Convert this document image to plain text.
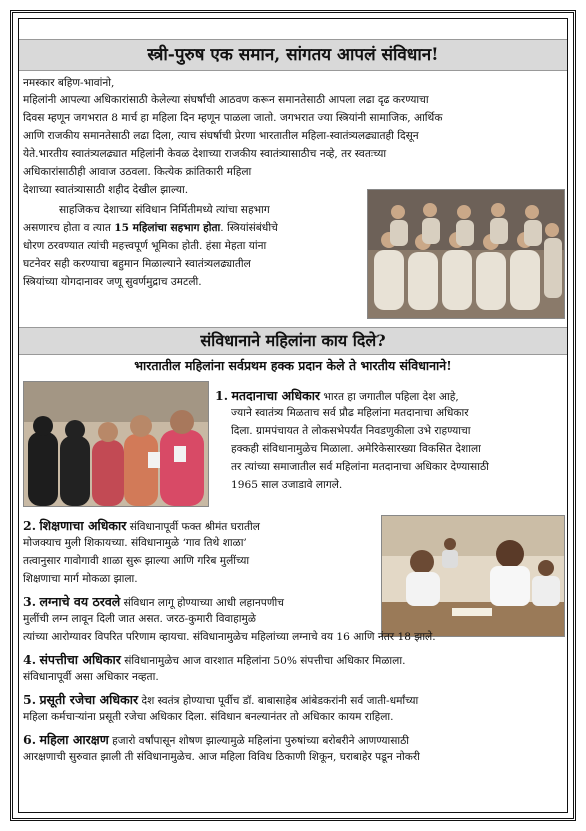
स्त्री-पुरुष एक समान, सांगतय आपलं संविधान!

नमस्कार बहिण-भावांनो,

महिलांनी आपल्या अधिकारांसाठी केलेल्या संघर्षांची आठवण करून समानतेसाठी आपला लढा दृढ करण्याचा

दिवस म्हणून जगभरात 8 मार्च हा महिला दिन म्हणून पाळला जातो. जगभरात ज्या स्त्रियांनी सामाजिक, आर्थिक

आणि राजकीय समानतेसाठी लढा दिला, त्याच संघर्षाची प्रेरणा भारतातील महिला-स्वातंत्र्यलढ्यातही दिसून

येते.भारतीय स्वातंत्र्यलढ्यात महिलांनी केवळ देशाच्या राजकीय स्वातंत्र्यासाठीच नव्हे, तर स्वतःच्या

अधिकारांसाठीही आवाज उठवला. कित्येक क्रांतिकारी महिला

देशाच्या स्वातंत्र्यासाठी शहीद देखील झाल्या.

साहजिकच देशाच्या संविधान निर्मितीमध्ये त्यांचा सहभाग

असणारच होता व त्यात 15 महिलांचा सहभाग होता. स्त्रियांसंबंधीचे

धोरण ठरवण्यात त्यांची महत्त्वपूर्ण भूमिका होती. हंसा मेहता यांना

घटनेवर सही करण्याचा बहुमान मिळाल्याने स्वातंत्र्यलढ्यातील

स्त्रियांच्या योगदानावर जणू सुवर्णमुद्राच उमटली.

संविधानाने महिलांना काय दिले?
भारतातील महिलांना सर्वप्रथम हक्क प्रदान केले ते भारतीय संविधानाने!

1. मतदानाचा अधिकार भारत हा जगातील पहिला देश आहे,

ज्याने स्वातंत्र्य मिळताच सर्व प्रौढ महिलांना मतदानाचा अधिकार

दिला. ग्रामपंचायत ते लोकसभेपर्यंत निवडणुकीला उभे राहण्याचा

हक्कही संविधानामुळेच मिळाला. अमेरिकेसारख्या विकसित देशाला

तर त्यांच्या समाजातील सर्व महिलांना मतदानाचा अधिकार देण्यासाठी

1965 साल उजाडावे लागले.

2. शिक्षणाचा अधिकार संविधानापूर्वी फक्त श्रीमंत घरातील

मोजक्याच मुली शिकायच्या. संविधानामुळे ‘गाव तिथे शाळा’

तत्वानुसार गावोगावी शाळा सुरू झाल्या आणि गरिब मुलींच्या

शिक्षणाचा मार्ग मोकळा झाला.

3. लग्नाचे वय ठरवले संविधान लागू होण्याच्या आधी लहानपणीच

मुलींची लग्न लावून दिली जात असत. जरठ-कुमारी विवाहामुळे

त्यांच्या आरोग्यावर विपरित परिणाम व्हायचा. संविधानामुळेच महिलांच्या लग्नाचे वय 16 आणि नंतर 18 झाले.

4. संपत्तीचा अधिकार संविधानामुळेच आज वारशात महिलांना 50% संपत्तीचा अधिकार मिळाला.

संविधानापूर्वी असा अधिकार नव्हता.

5. प्रसूती रजेचा अधिकार देश स्वतंत्र होण्याचा पूर्वीच डॉ. बाबासाहेब आंबेडकरांनी सर्व जाती-धर्मांच्या

महिला कर्मचाऱ्यांना प्रसूती रजेचा अधिकार दिला. संविधान बनल्यानंतर तो अधिकार कायम राहिला.

6. महिला आरक्षण हजारो वर्षांपासून शोषण झाल्यामुळे महिलांना पुरुषांच्या बरोबरीने आणण्यासाठी

आरक्षणाची सुरुवात झाली ती संविधानामुळेच. आज महिला विविध ठिकाणी शिकून, घराबाहेर पडून नोकरी
